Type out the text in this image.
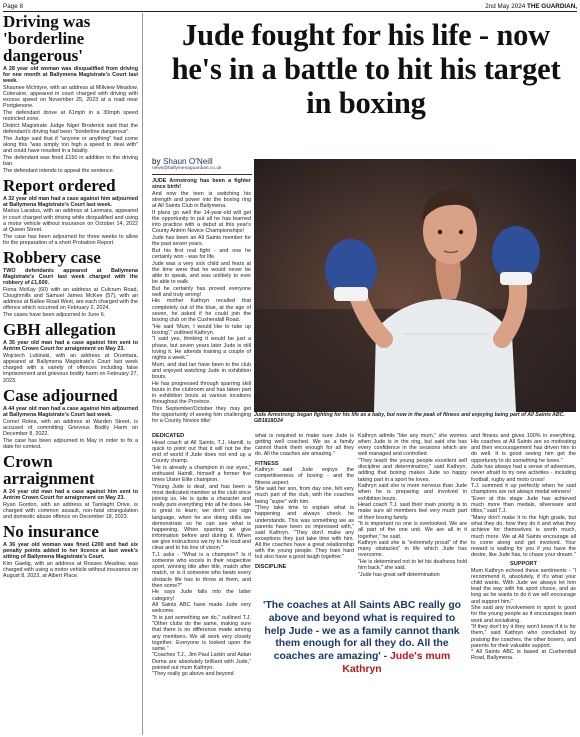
Page 8	2nd May 2024 THE GUARDIAN,
Driving was 'borderline dangerous'

A 28 year old woman was disqualified from driving for one month at Ballymena Magistrate's Court last week.

Shaunee McIntyre, with an address at Millview Meadow, Coleraine, appeared in court charged with driving with excess speed on November 25, 2023 at a road near Portglenone.

The defendant drove at 61mph in a 30mph speed restricted zone.

District Magistrate Judge Nigel Broderick said that the defendant's driving had been "borderline dangerous".

The Judge said that if "anyone or anything" had come along this "was simply too high a speed to deal with" and could have resulted in a fatality.

The defendant was fined £150 in addition to the driving ban.

The defendant intends to appeal the sentence.

Report ordered

A 32 year old man had a case against him adjourned at Ballymena Magistrate's Court last week.

Marius Lacatus, with an address at Lanmara, appeared in court charged with driving while disqualified and using a motor vehicle without insurance on October 14, 2022 at Queen Street.

The case has been adjourned for three weeks to allow for the preparation of a short Probation Report.

Robbery case

TWO defendants appeared at Ballymena Magistrate's Court last week charged with the robbery of £1,600.

Fiona McKay (60) with an address at Culcrum Road, Cloughmills and Samuel James McKee (57), with an address at Ballee Road West, are each charged with the offence which occurred on February 2, 2024.

The cases have been adjourned to June 6.

GBH allegation

A 35 year old man had a case against him sent to Antrim Crown Court for arraignment on May 23.

Wojciech Lubinski, with an address at Drumtara, appeared at Ballymena Magistrate's Court last week charged with a variety of offences including false imprisonment and grievous bodily harm on February 27, 2023.

Case adjourned

A 44 year old man had a case against him adjourned at Ballymena Magistrate's Court last week.

Cornel Rotea, with an address at Warden Street, is accused of committing Grievous Bodily Harm on December 8, 2022.

The case has been adjourned to May in order to fix a date for contest.

Crown arraignment

A 24 year old man had a case against him sent to Antrim Crown Court for arraignment on May 23.

Ryan Gordon, with an address at Tamlaght Drive, is charged with common assault, non-fatal strangulation and domestic abuse offence on December 18, 2023.

No insurance

A 36 year old woman was fined £200 and had six penalty points added to her licence at last week's sitting of Ballymena Magistrate's Court.

Kim Gaetig, with an address at Rosses Meadow, was charged with using a motor vehicle without insurance on August 8, 2023, at Albert Place.

Jude fought for his life - now he's in a battle to hit his target in boxing
by Shaun O'Neill
news@ballymenaguardian.co.uk

JUDE Armstrong has been a fighter since birth!

And now the teen is switching his strength and power into the boxing ring at All Saints Club in Ballymena.

If plans go well the 14-year-old will get the opportunity to put all he has learned into practice with a debut at this year's County Antrim Novice Championships!

Jude has been an All Saints member for the past seven years.

But his first real fight - and one he certainly won - was for life.

Jude was a very sick child and fears at the time were that he would never be able to speak, and was unlikely to ever be able to walk.

But he certainly has proved everyone well and truly wrong!

His mother Kathryn recalled that completely out of the blue, at the age of seven, he asked if he could join the boxing club on the Cushendall Road.

"He said 'Mum, I would like to take up boxing'," outlined Kathryn.

"I said yes, thinking it would be just a phase, but seven years later Jude is still loving it. He attends training a couple of nights a week."

Mum, and dad Ian have been to the club and enjoyed watching Jude in exhibition bouts.

He has progressed through sparring skill bouts in the clubroom and has taken part in exhibition bouts at various locations throughout the Province.

This September/October they may get the opportunity of seeing him challenging for a County Novice title!

Jude Armstrong: began fighting for his life as a baby, but now in the peak of fitness and enjoying being part of All Saints ABC. GB1818D24

DEDICATED

Head coach at All Saints, T.J. Hamill, is quick to point out that it will not be the end of world if Jude does not end up a County champ.

"He is already a champion in our eyes," enthused Hamill, himself a former five times Ulster Elite champion.

"Young Jude is deaf, and has been a most dedicated member at the club since joining us. He is quite a character and really puts everything into all he does. He is great to learn; we don't use sign language, when he are doing drills we demonstrate so he can see what is happening. When sparring we give information before and during it. When we give instructions we try to be loud and clear and to his line of vision."

T.J. asks - "What is a champion? Is it someone who excels in their respective sport, winning title after title, match after match, or is it someone who beats every obstacle life has to throw at them, and then some?"

He says Jude falls into the latter category!

All Saints ABC have made Jude very welcome.

"It is just something we do," outlined T.J. "Other clubs do the same, making sure that there is no difference made among any members. We all work very closely together. Everyone is looked upon the same."

"Coaches T.J., Jim Paul Larkin and Aidan Dorna are absolutely brilliant with Jude," pointed out mum Kathryn.

"They really go above and beyond

what is required to make sure Jude is getting well coached. We as a family cannot thank them enough for all they do. All the coaches are amazing."

FITNESS

Kathryn said Jude enjoys the competitiveness of boxing - and the fitness aspect.

She said her son, from day one, felt very much part of the club, with the coaches being "super" with him.

"They take time to explain what is happening and always check he understands. This was something we as parents have been so impressed with," said Kathryn. "They don't make any exceptions they just take time with him. All the coaches have a great relationship with the young people. They train hard but also have a good laugh together."

DISCIPLINE

Kathryn admits "like any mum," she worries when Jude is in the ring, but said she has every confidence in the sessions which are well managed and controlled.

"They teach the young people excellent self discipline and determination," said Kathryn, adding that boxing makes Jude so happy taking part in a sport he loves.

Kathryn said she is more nervous than Jude when he is preparing and involved in exhibition bouts.

Head coach T.J. said their main priority is to make sure all members feel very much part of their boxing family.

"It is important no one is overlooked. We are all part of the one unit. We are all in it together," he said.

Kathryn said she is "extremely proud" of the many obstacles" in life which Jude has overcome.

"He is determined not to let his deafness hold him back," she said.

"Jude has great self determination

and fitness and gives 100% in everything. His coaches at All Saints are so motivating and their encouragement has driven him to do well. It is good seeing him get the opportunity to do something he loves."

Jude has always had a sense of adventure, never afraid to try new activities - including football, rugby and moto cross!

T.J. summed it up perfectly when he said champions are not always medal winners!

"Even at this stage Jude has achieved much more than medals, silverware and titles," said T.J.

"Many don't make it to the high grade, but what they do, how they do it and what they achieve for themselves is worth much, much more. We at All Saints encourage all to come along and get involved. Your reward is waiting for you if you have the desire, like Jude has, to chase your dream."

SUPPORT

Mum Kathryn echoed these sentiments - "I recommend it, absolutely, if it's what your child wants. With Jude we always let him lead the way with his sport choice, and as long as he wants to do it we will encourage and support him."

She said any involvement in sport is good for the young people as it encourages team work and socialising.

"If they don't try it they won't know if it is for them," said Kathryn who concluded by praising the coaches, the other boxers, and parents for their valuable support.

* All Saints ABC is based at Cushendall Road, Ballymena.

'The coaches at All Saints ABC really go above and beyond what is required to help Jude - we as a family cannot thank them enough for all they do. All the coaches are amazing' - Jude's mum Kathryn
